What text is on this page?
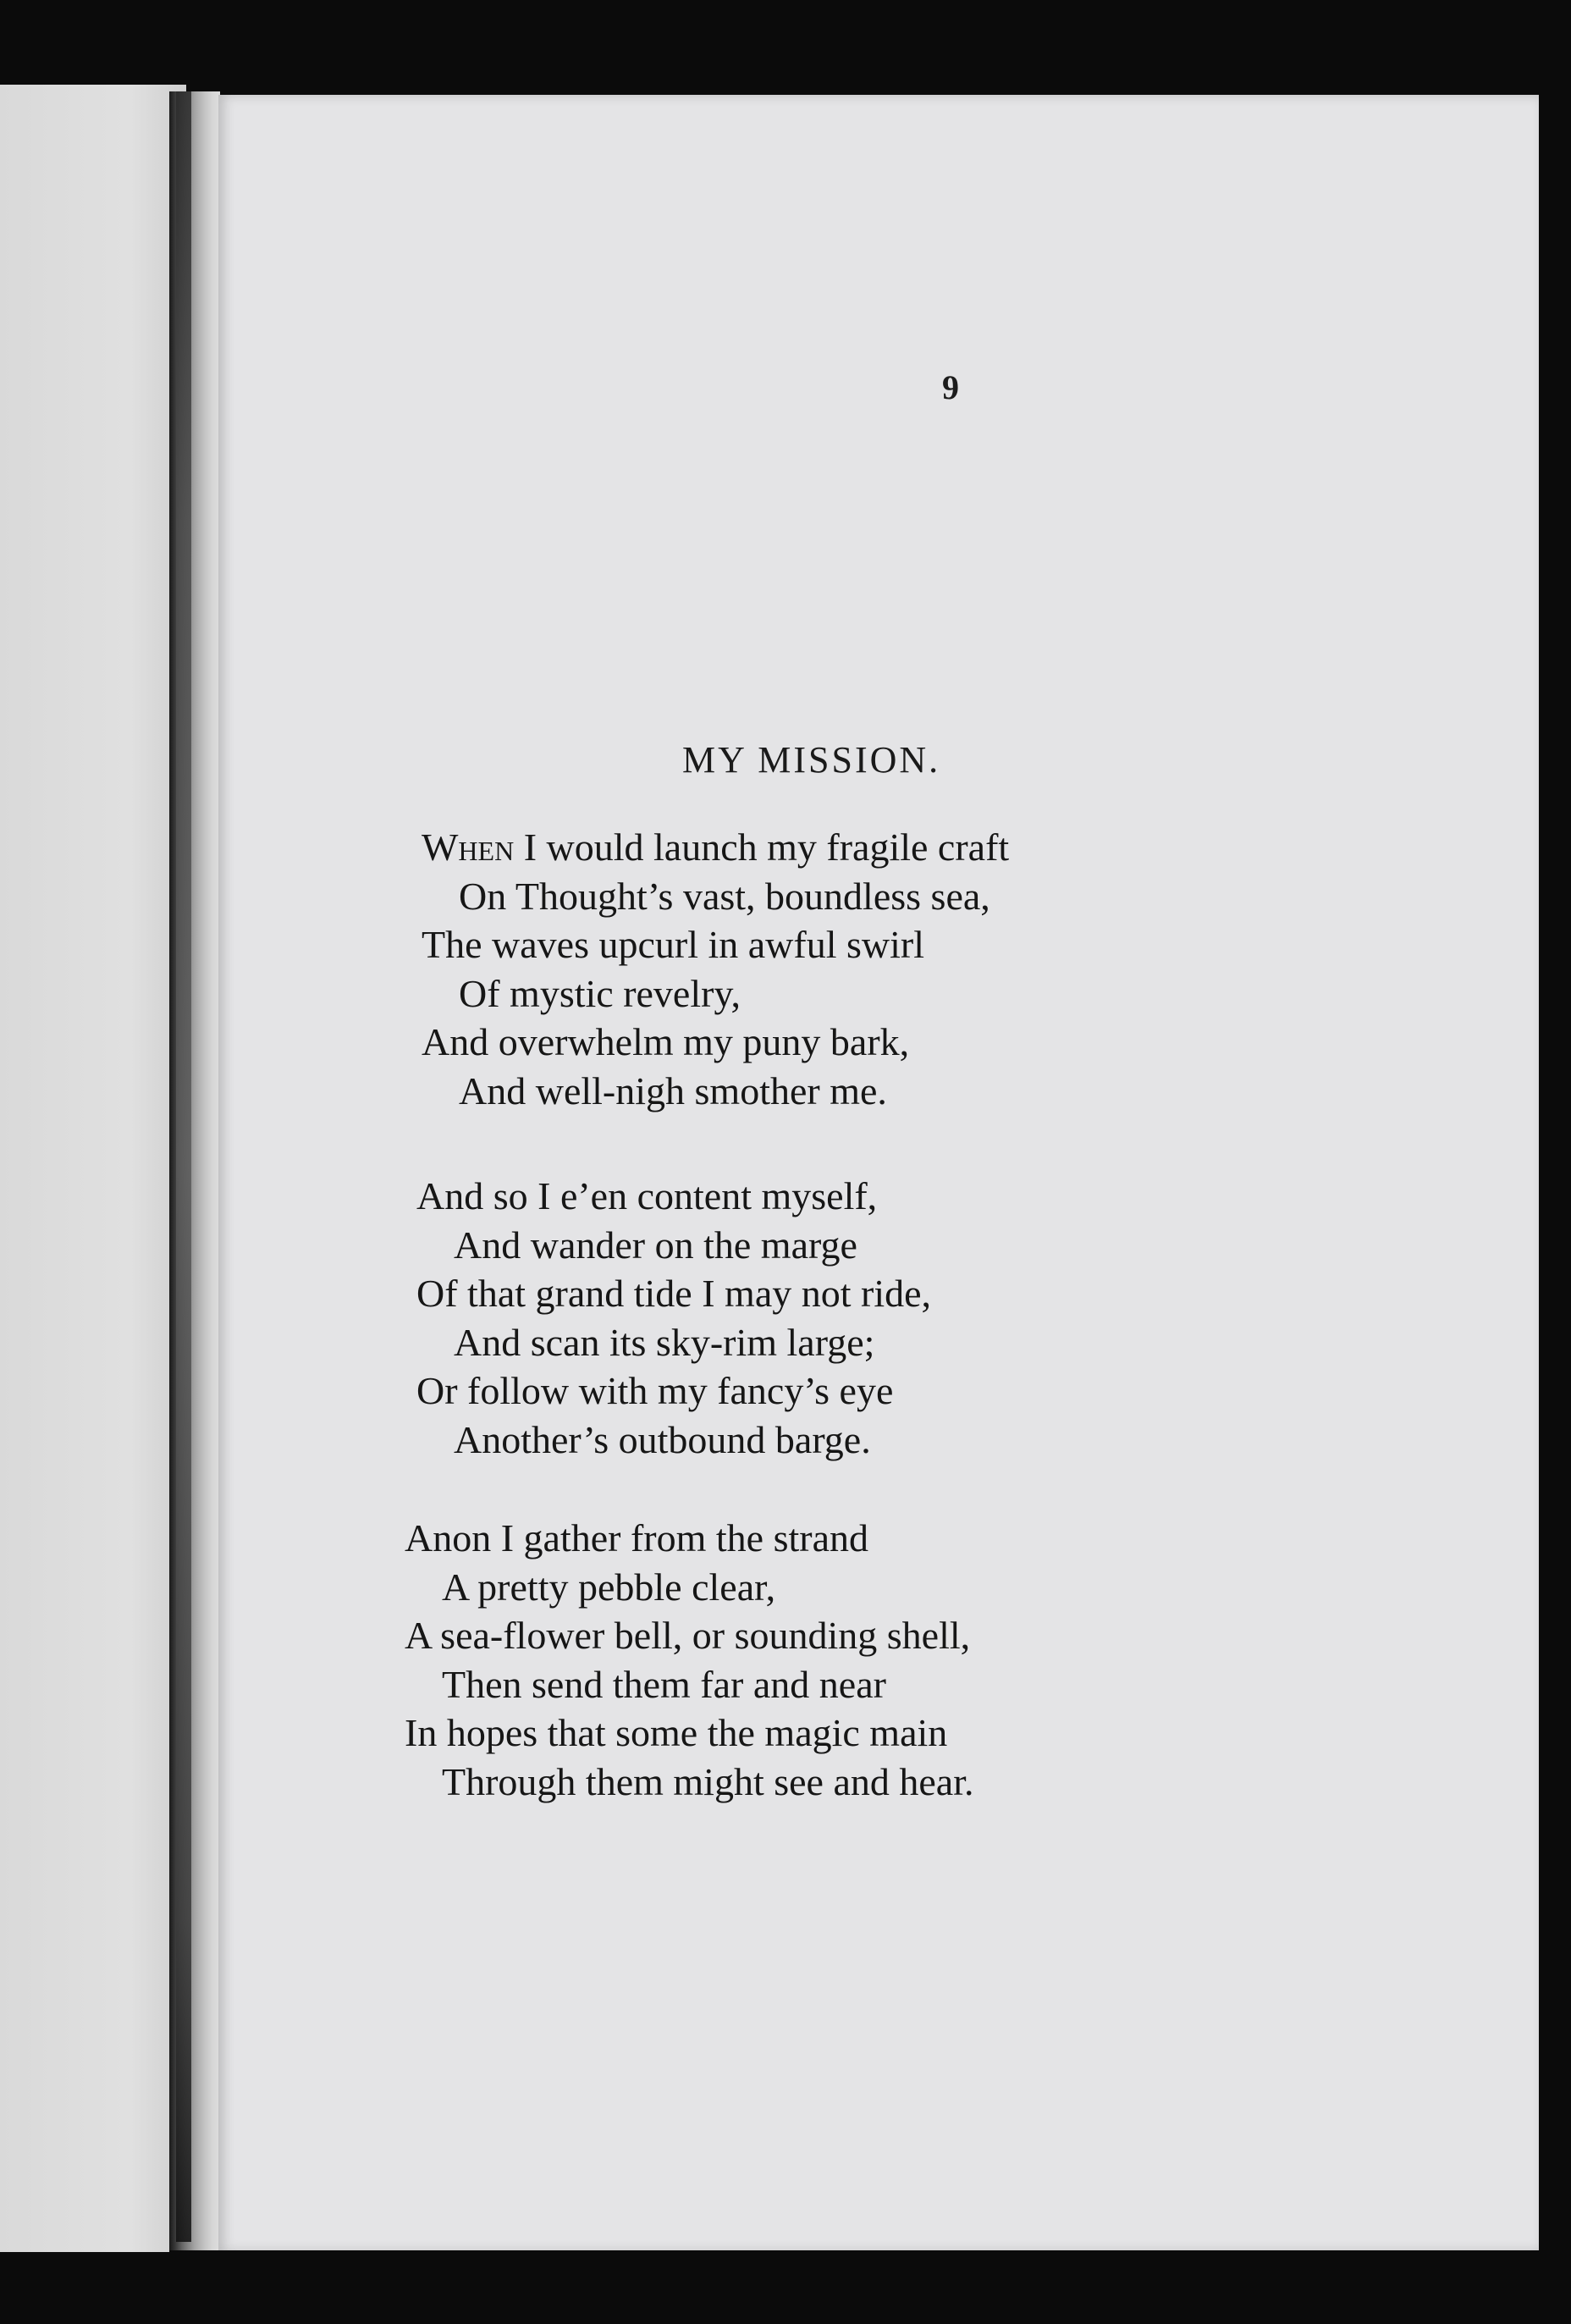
9
MY MISSION.
When I would launch my fragile craft
On Thought’s vast, boundless sea,
The waves upcurl in awful swirl
Of mystic revelry,
And overwhelm my puny bark,
And well-nigh smother me.
And so I e’en content myself,
And wander on the marge
Of that grand tide I may not ride,
And scan its sky-rim large;
Or follow with my fancy’s eye
Another’s outbound barge.
Anon I gather from the strand
A pretty pebble clear,
A sea-flower bell, or sounding shell,
Then send them far and near
In hopes that some the magic main
Through them might see and hear.
